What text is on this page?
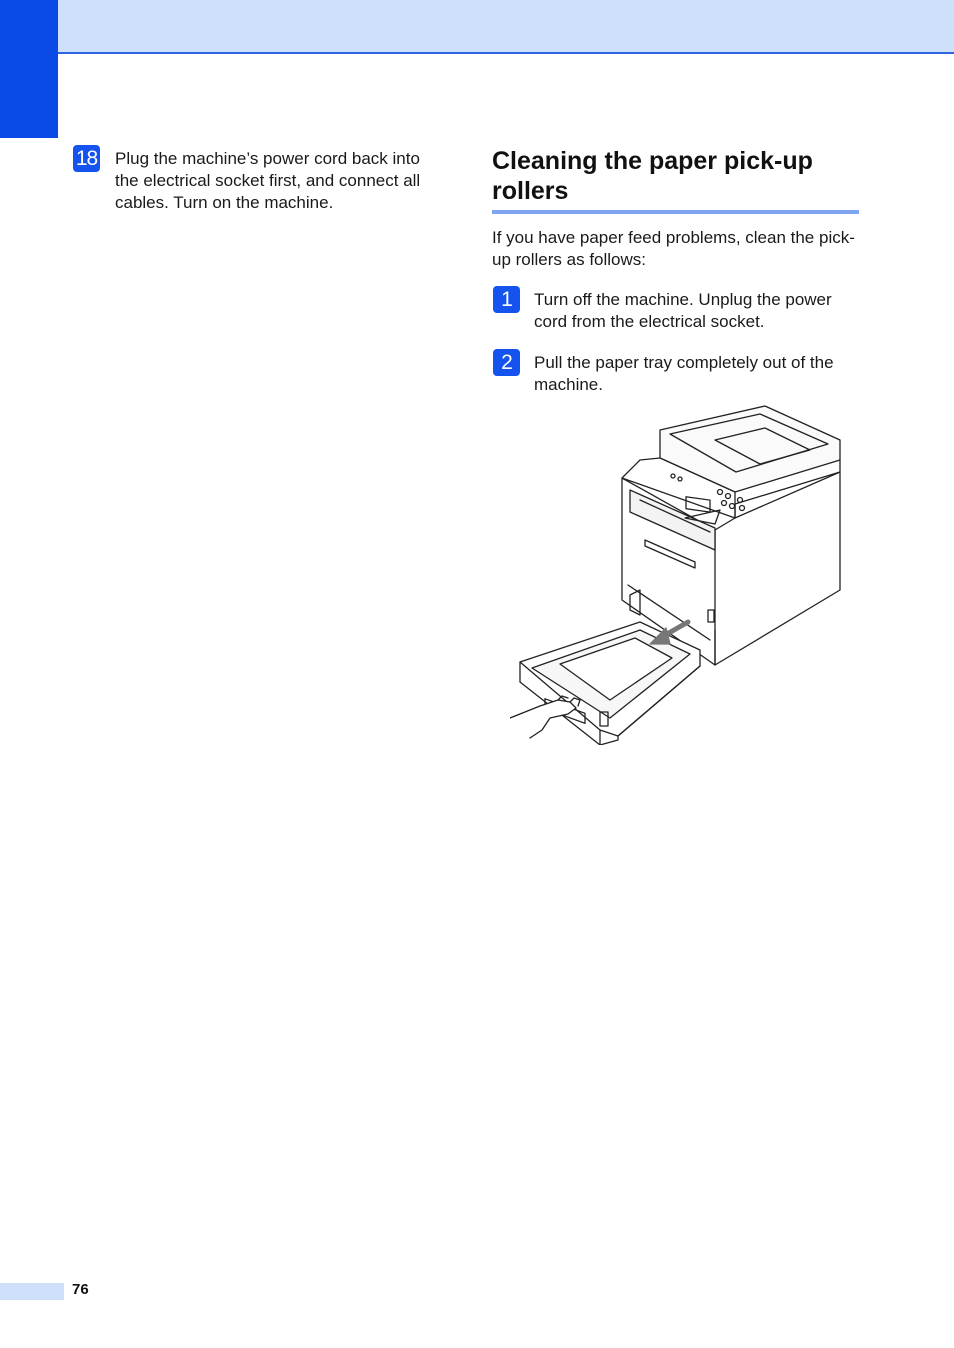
18 Plug the machine’s power cord back into the electrical socket first, and connect all cables. Turn on the machine.
Cleaning the paper pick-up rollers

If you have paper feed problems, clean the pick-up rollers as follows:

1	Turn off the machine. Unplug the power cord from the electrical socket.
2	Pull the paper tray completely out of the machine.
76
